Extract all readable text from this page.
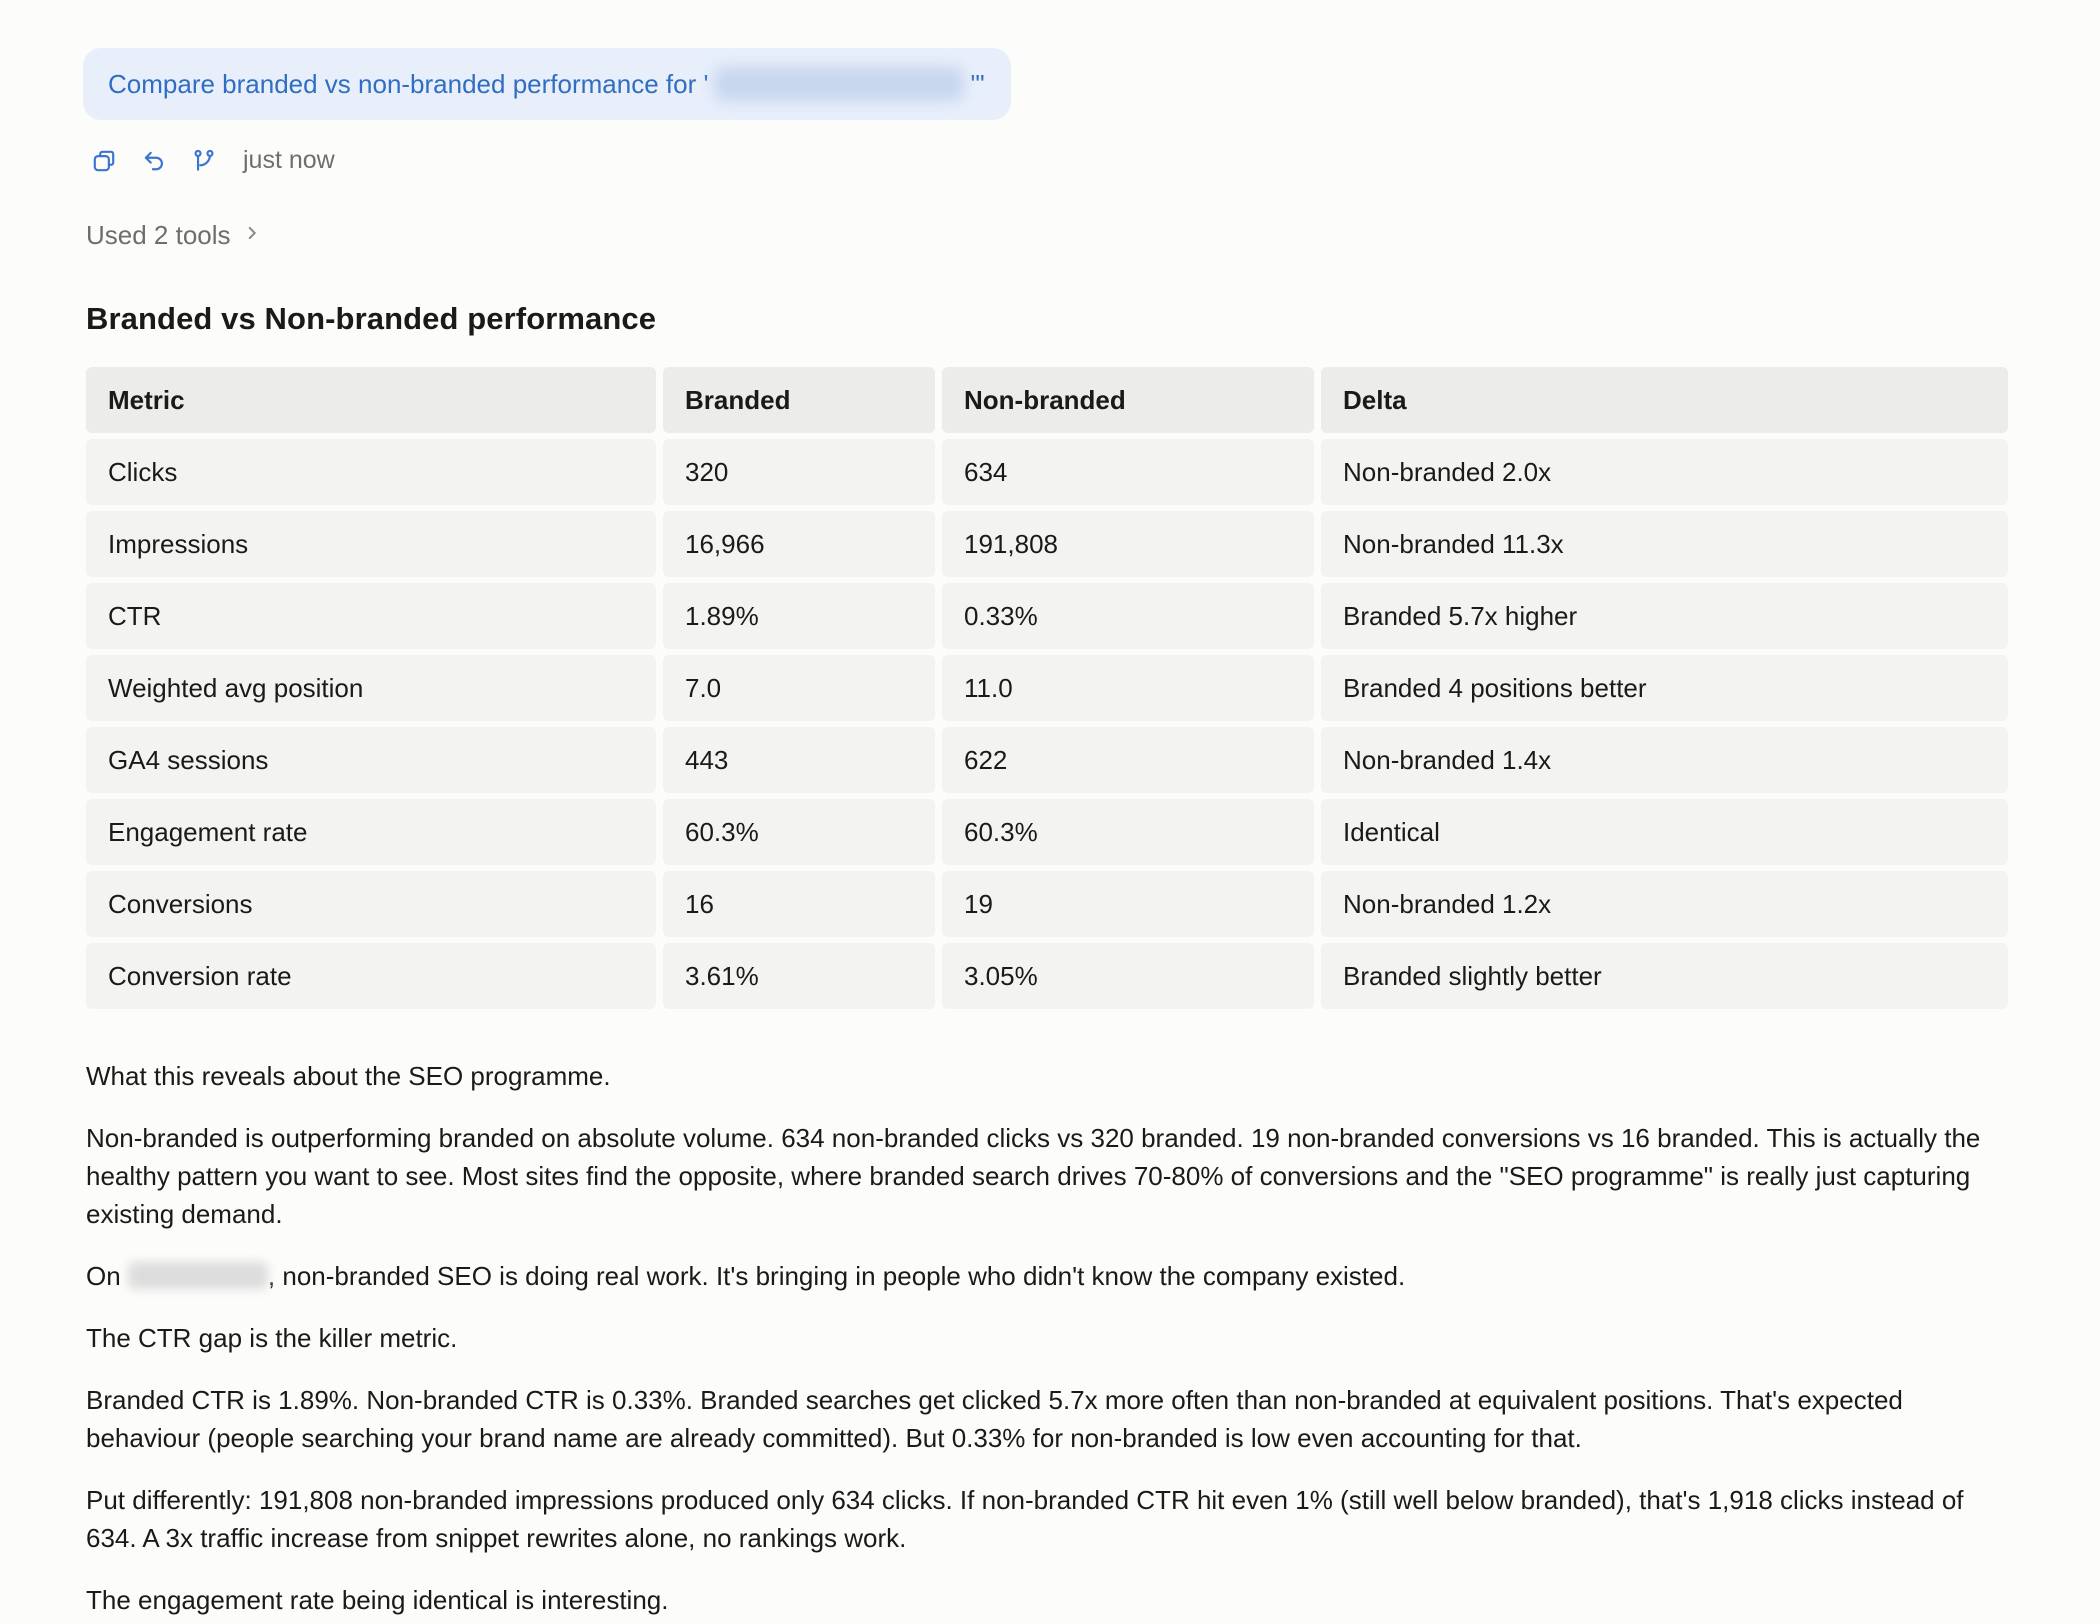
Compare branded vs non-branded performance for '	'"
just now
Used 2 tools
Branded vs Non-branded performance
Metric	Branded	Non-branded	Delta
Clicks	320	634	Non-branded 2.0x
Impressions	16,966	191,808	Non-branded 11.3x
CTR	1.89%	0.33%	Branded 5.7x higher
Weighted avg position	7.0	11.0	Branded 4 positions better
GA4 sessions	443	622	Non-branded 1.4x
Engagement rate	60.3%	60.3%	Identical
Conversions	16	19	Non-branded 1.2x
Conversion rate	3.61%	3.05%	Branded slightly better

What this reveals about the SEO programme.

Non-branded is outperforming branded on absolute volume. 634 non-branded clicks vs 320 branded. 19 non-branded conversions vs 16 branded. This is actually the healthy pattern you want to see. Most sites find the opposite, where branded search drives 70-80% of conversions and the "SEO programme" is really just capturing existing demand.

On	, non-branded SEO is doing real work. It's bringing in people who didn't know the company existed.

The CTR gap is the killer metric.

Branded CTR is 1.89%. Non-branded CTR is 0.33%. Branded searches get clicked 5.7x more often than non-branded at equivalent positions. That's expected behaviour (people searching your brand name are already committed). But 0.33% for non-branded is low even accounting for that.

Put differently: 191,808 non-branded impressions produced only 634 clicks. If non-branded CTR hit even 1% (still well below branded), that's 1,918 clicks instead of 634. A 3x traffic increase from snippet rewrites alone, no rankings work.

The engagement rate being identical is interesting.
